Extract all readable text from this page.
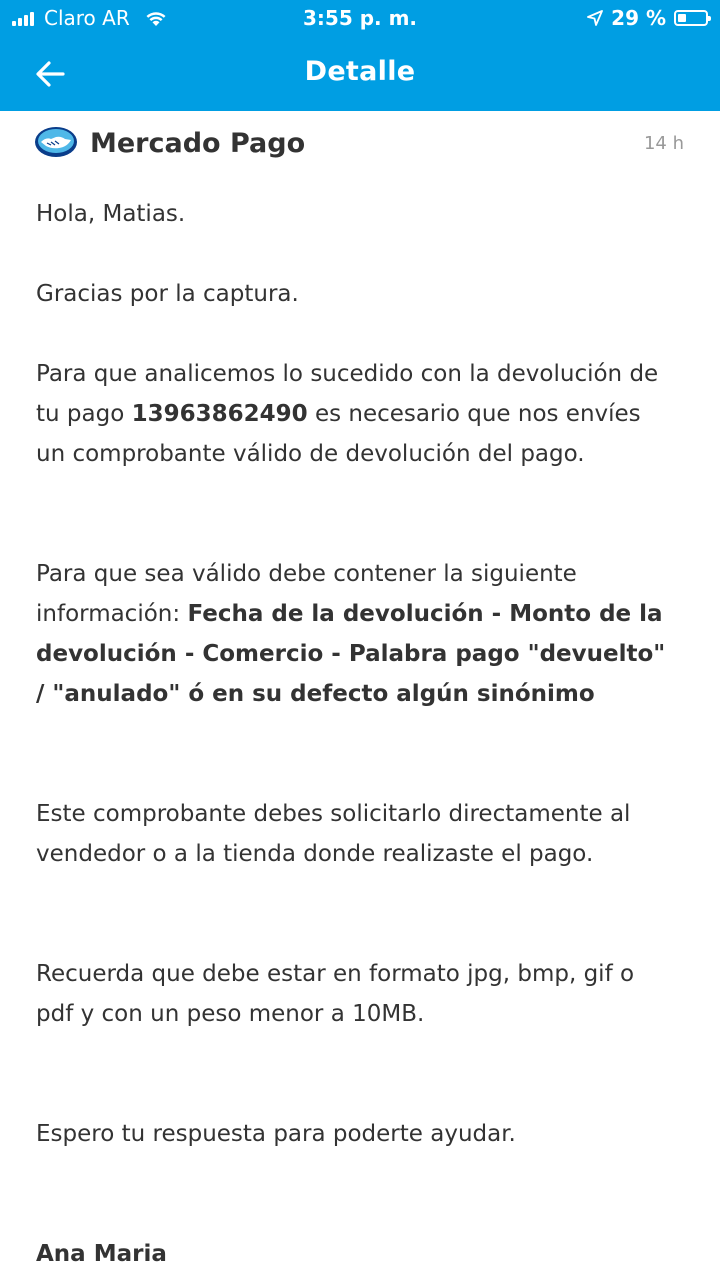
Claro AR	3:55 p. m.	29 %
Detalle
Mercado Pago	14 h
Hola, Matias.
Gracias por la captura.
Para que analicemos lo sucedido con la devolución de tu pago 13963862490 es necesario que nos envíes un comprobante válido de devolución del pago.
Para que sea válido debe contener la siguiente información: Fecha de la devolución - Monto de la devolución - Comercio - Palabra pago "devuelto" / "anulado" ó en su defecto algún sinónimo
Este comprobante debes solicitarlo directamente al vendedor o a la tienda donde realizaste el pago.
Recuerda que debe estar en formato jpg, bmp, gif o pdf y con un peso menor a 10MB.
Espero tu respuesta para poderte ayudar.
Ana Maria
